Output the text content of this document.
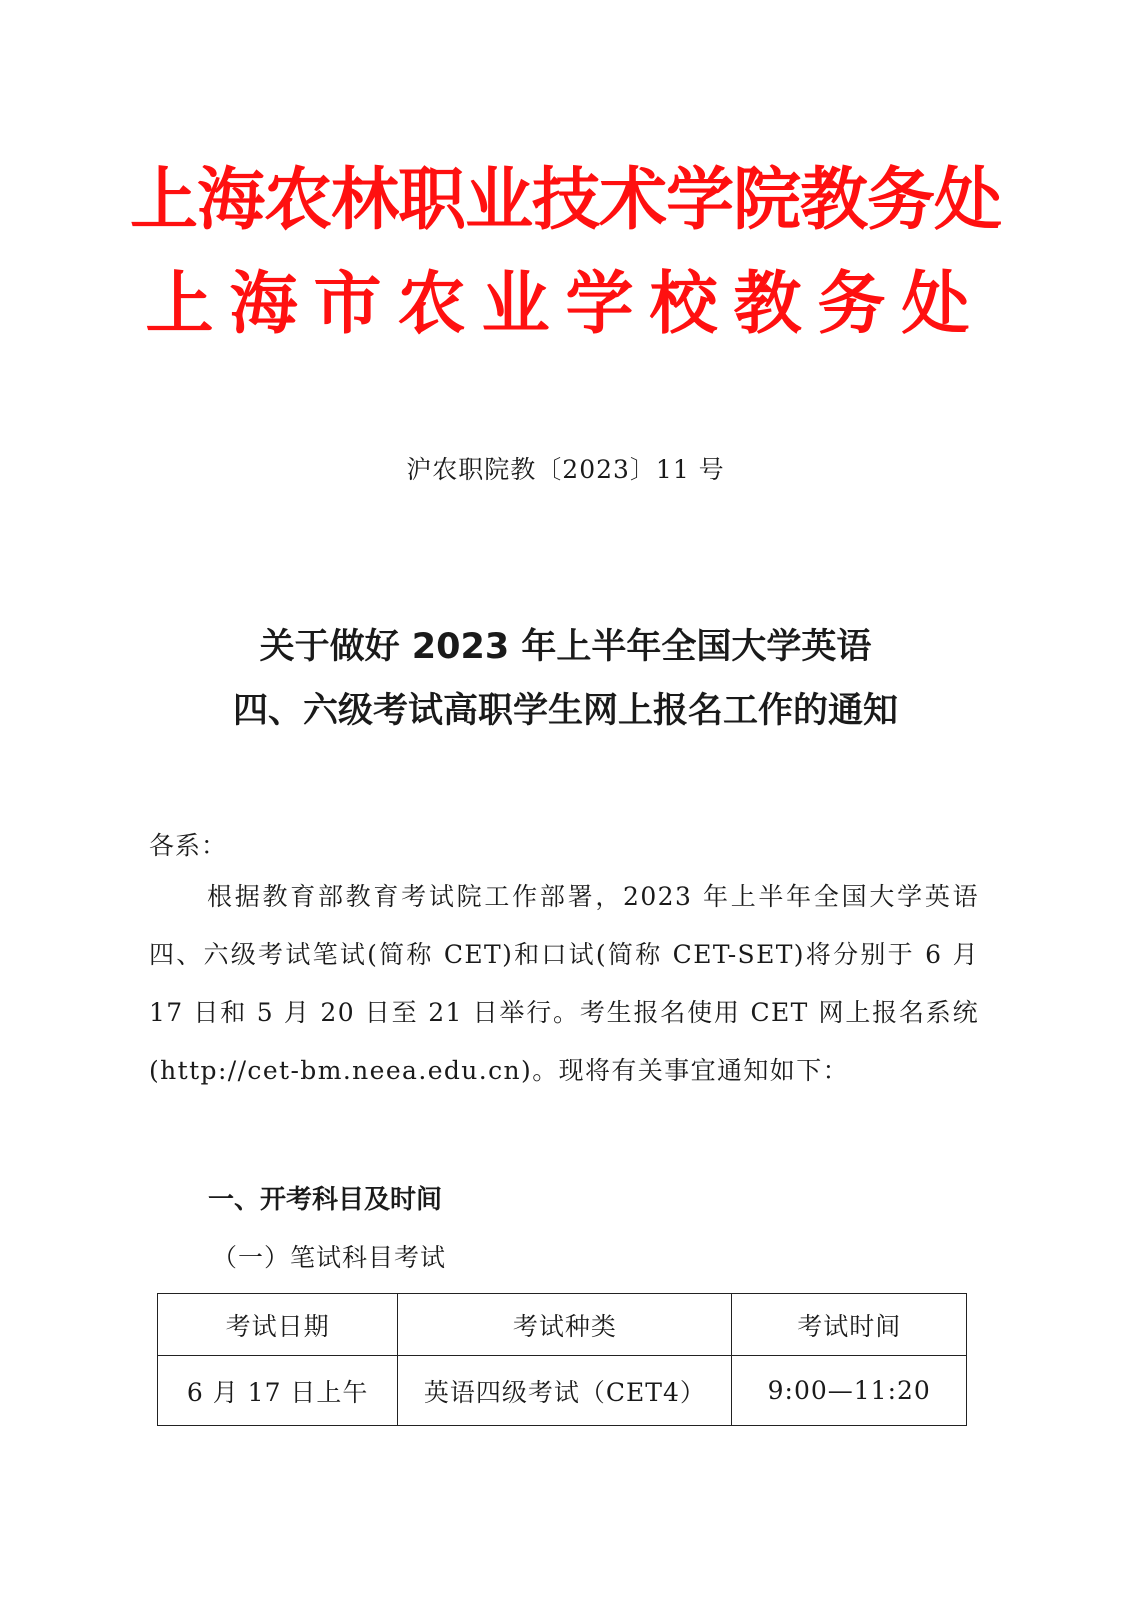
上海农林职业技术学院教务处
上海市农业学校教务处
沪农职院教〔2023〕11 号
关于做好 2023 年上半年全国大学英语
四、六级考试高职学生网上报名工作的通知
各系：
根据教育部教育考试院工作部署，2023 年上半年全国大学英语四、六级考试笔试(简称 CET)和口试(简称 CET-SET)将分别于 6 月 17 日和 5 月 20 日至 21 日举行。考生报名使用 CET 网上报名系统(http://cet-bm.neea.edu.cn)。现将有关事宜通知如下：
一、开考科目及时间
（一）笔试科目考试
考试日期	考试种类	考试时间
6 月 17 日上午	英语四级考试（CET4）	9:00—11:20
